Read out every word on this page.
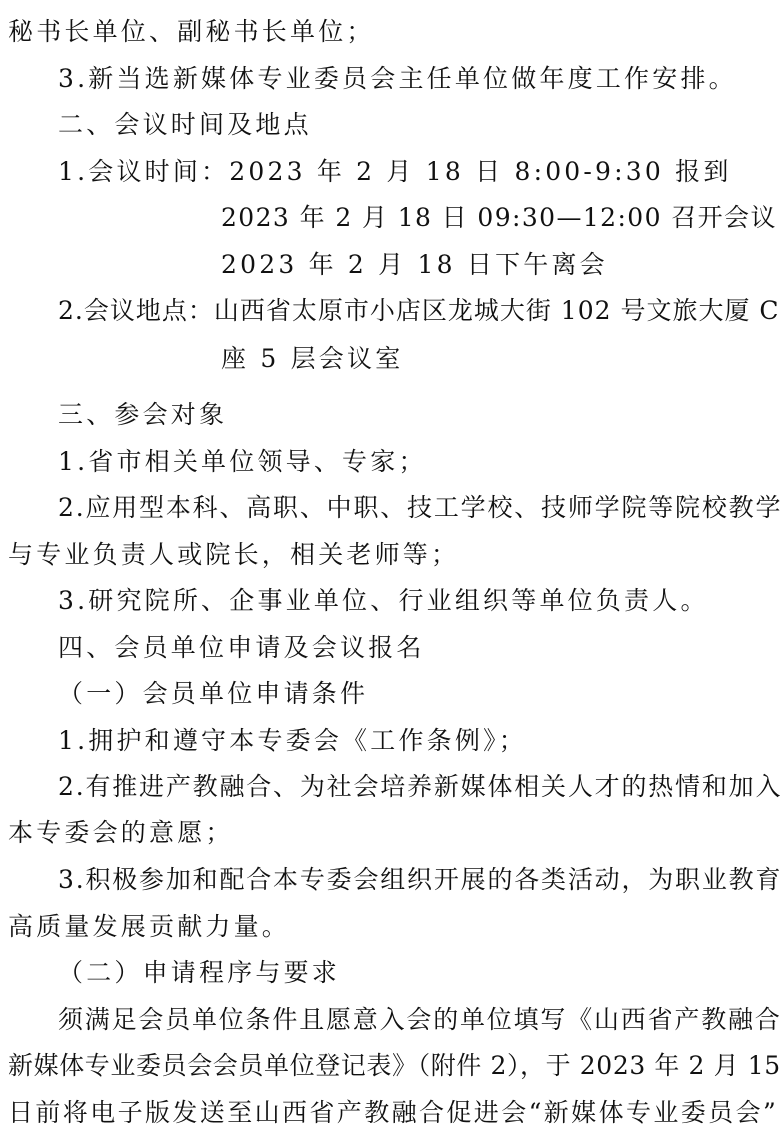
秘书长单位、副秘书长单位；
3.新当选新媒体专业委员会主任单位做年度工作安排。
二、会议时间及地点
1.会议时间：2023 年 2 月 18 日 8:00-9:30 报到
2023 年 2 月 18 日 09:30—12:00 召开会议
2023 年 2 月 18 日下午离会
2.会议地点：山西省太原市小店区龙城大街 102 号文旅大厦 C
座 5 层会议室
三、参会对象
1.省市相关单位领导、专家；
2.应用型本科、高职、中职、技工学校、技师学院等院校教学
与专业负责人或院长，相关老师等；
3.研究院所、企事业单位、行业组织等单位负责人。
四、会员单位申请及会议报名
（一）会员单位申请条件
1.拥护和遵守本专委会《工作条例》；
2.有推进产教融合、为社会培养新媒体相关人才的热情和加入
本专委会的意愿；
3.积极参加和配合本专委会组织开展的各类活动，为职业教育
高质量发展贡献力量。
（二）申请程序与要求
须满足会员单位条件且愿意入会的单位填写《山西省产教融合
新媒体专业委员会会员单位登记表》（附件 2），于 2023 年 2 月 15
日前将电子版发送至山西省产教融合促进会“新媒体专业委员会”
